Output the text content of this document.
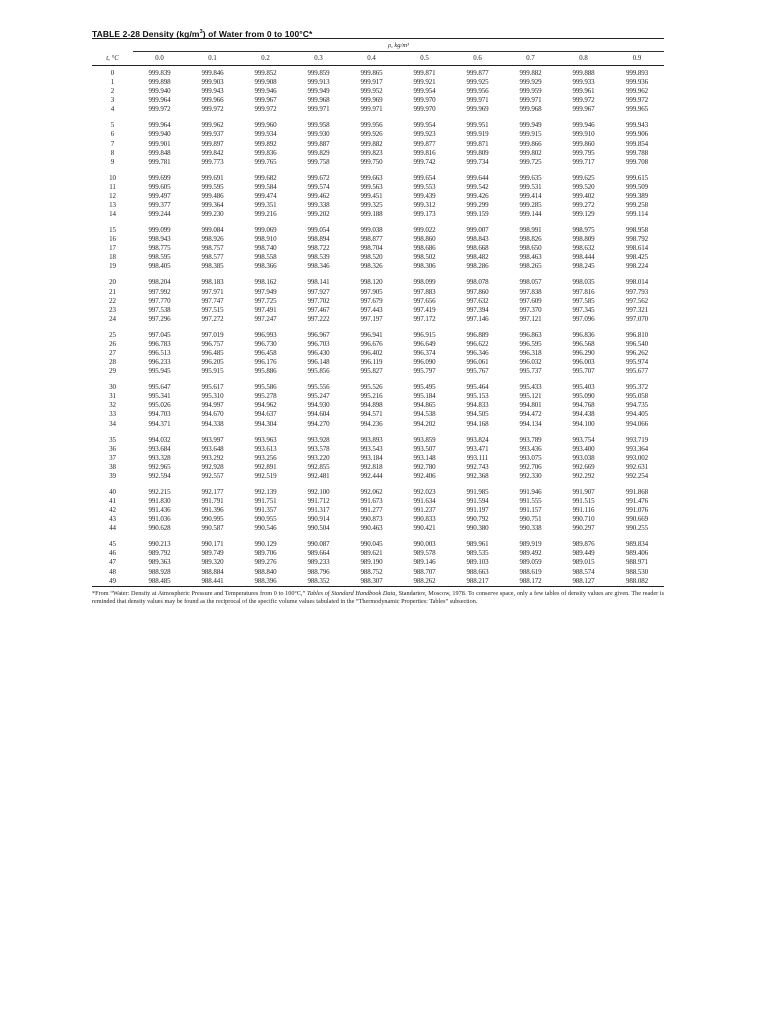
TABLE 2-28 Density $(kg/m^3)$ of Water from 0 to 100°C*
	ρ, kg/m³									
t, °C	0.0	0.1	0.2	0.3	0.4	0.5	0.6	0.7	0.8	0.9

0	999.839	999.846	999.852	999.859	999.865	999.871	999.877	999.882	999.888	999.893
1	999.898	999.903	999.908	999.913	999.917	999.921	999.925	999.929	999.933	999.936
2	999.940	999.943	999.946	999.949	999.952	999.954	999.956	999.959	999.961	999.962
3	999.964	999.966	999.967	999.968	999.969	999.970	999.971	999.971	999.972	999.972
4	999.972	999.972	999.972	999.971	999.971	999.970	999.969	999.968	999.967	999.965

5	999.964	999.962	999.960	999.958	999.956	999.954	999.951	999.949	999.946	999.943
6	999.940	999.937	999.934	999.930	999.926	999.923	999.919	999.915	999.910	999.906
7	999.901	999.897	999.892	999.887	999.882	999.877	999.871	999.866	999.860	999.854
8	999.848	999.842	999.836	999.829	999.823	999.816	999.809	999.802	999.795	999.788
9	999.781	999.773	999.765	999.758	999.750	999.742	999.734	999.725	999.717	999.708

10	999.699	999.691	999.682	999.672	999.663	999.654	999.644	999.635	999.625	999.615
11	999.605	999.595	999.584	999.574	999.563	999.553	999.542	999.531	999.520	999.509
12	999.497	999.486	999.474	999.462	999.451	999.439	999.426	999.414	999.402	999.389
13	999.377	999.364	999.351	999.338	999.325	999.312	999.299	999.285	999.272	999.258
14	999.244	999.230	999.216	999.202	999.188	999.173	999.159	999.144	999.129	999.114

15	999.099	999.084	999.069	999.054	999.038	999.022	999.007	998.991	998.975	998.958
16	998.943	998.926	998.910	998.894	998.877	998.860	998.843	998.826	998.809	998.792
17	998.775	998.757	998.740	998.722	998.704	998.686	998.668	998.650	998.632	998.614
18	998.595	998.577	998.558	998.539	998.520	998.502	998.482	998.463	998.444	998.425
19	998.405	998.385	998.366	998.346	998.326	998.306	998.286	998.265	998.245	998.224

20	998.204	998.183	998.162	998.141	998.120	998.099	998.078	998.057	998.035	998.014
21	997.992	997.971	997.949	997.927	997.905	997.883	997.860	997.838	997.816	997.793
22	997.770	997.747	997.725	997.702	997.679	997.656	997.632	997.609	997.585	997.562
23	997.538	997.515	997.491	997.467	997.443	997.419	997.394	997.370	997.345	997.321
24	997.296	997.272	997.247	997.222	997.197	997.172	997.146	997.121	997.096	997.070

25	997.045	997.019	996.993	996.967	996.941	996.915	996.889	996.863	996.836	996.810
26	996.783	996.757	996.730	996.703	996.676	996.649	996.622	996.595	996.568	996.540
27	996.513	996.485	996.458	996.430	996.402	996.374	996.346	996.318	996.290	996.262
28	996.233	996.205	996.176	996.148	996.119	996.090	996.061	996.032	996.003	995.974
29	995.945	995.915	995.886	995.856	995.827	995.797	995.767	995.737	995.707	995.677

30	995.647	995.617	995.586	995.556	995.526	995.495	995.464	995.433	995.403	995.372
31	995.341	995.310	995.278	995.247	995.216	995.184	995.153	995.121	995.090	995.058
32	995.026	994.997	994.962	994.930	994.898	994.865	994.833	994.801	994.768	994.735
33	994.703	994.670	994.637	994.604	994.571	994.538	994.505	994.472	994.438	994.405
34	994.371	994.338	994.304	994.270	994.236	994.202	994.168	994.134	994.100	994.066

35	994.032	993.997	993.963	993.928	993.893	993.859	993.824	993.789	993.754	993.719
36	993.684	993.648	993.613	993.578	993.543	993.507	993.471	993.436	993.400	993.364
37	993.328	993.292	993.256	993.220	993.184	993.148	993.111	993.075	993.038	993.002
38	992.965	992.928	992.891	992.855	992.818	992.780	992.743	992.706	992.669	992.631
39	992.594	992.557	992.519	992.481	992.444	992.406	992.368	992.330	992.292	992.254

40	992.215	992.177	992.139	992.100	992.062	992.023	991.985	991.946	991.907	991.868
41	991.830	991.791	991.751	991.712	991.673	991.634	991.594	991.555	991.515	991.476
42	991.436	991.396	991.357	991.317	991.277	991.237	991.197	991.157	991.116	991.076
43	991.036	990.995	990.955	990.914	990.873	990.833	990.792	990.751	990.710	990.669
44	990.628	990.587	990.546	990.504	990.463	990.421	990.380	990.338	990.297	990.255

45	990.213	990.171	990.129	990.087	990.045	990.003	989.961	989.919	989.876	989.834
46	989.792	989.749	989.706	989.664	989.621	989.578	989.535	989.492	989.449	989.406
47	989.363	989.320	989.276	989.233	989.190	989.146	989.103	989.059	989.015	988.971
48	988.928	988.884	988.840	988.796	988.752	988.707	988.663	988.619	988.574	988.530
49	988.485	988.441	988.396	988.352	988.307	988.262	988.217	988.172	988.127	988.082
*From “Water: Density at Atmospheric Pressure and Temperatures from 0 to 100°C,” Tables of Standard Handbook Data, Standartov, Moscow, 1978. To conserve space, only a few tables of density values are given. The reader is reminded that density values may be found as the reciprocal of the specific volume values tabulated in the “Thermodynamic Properties: Tables” subsection.
